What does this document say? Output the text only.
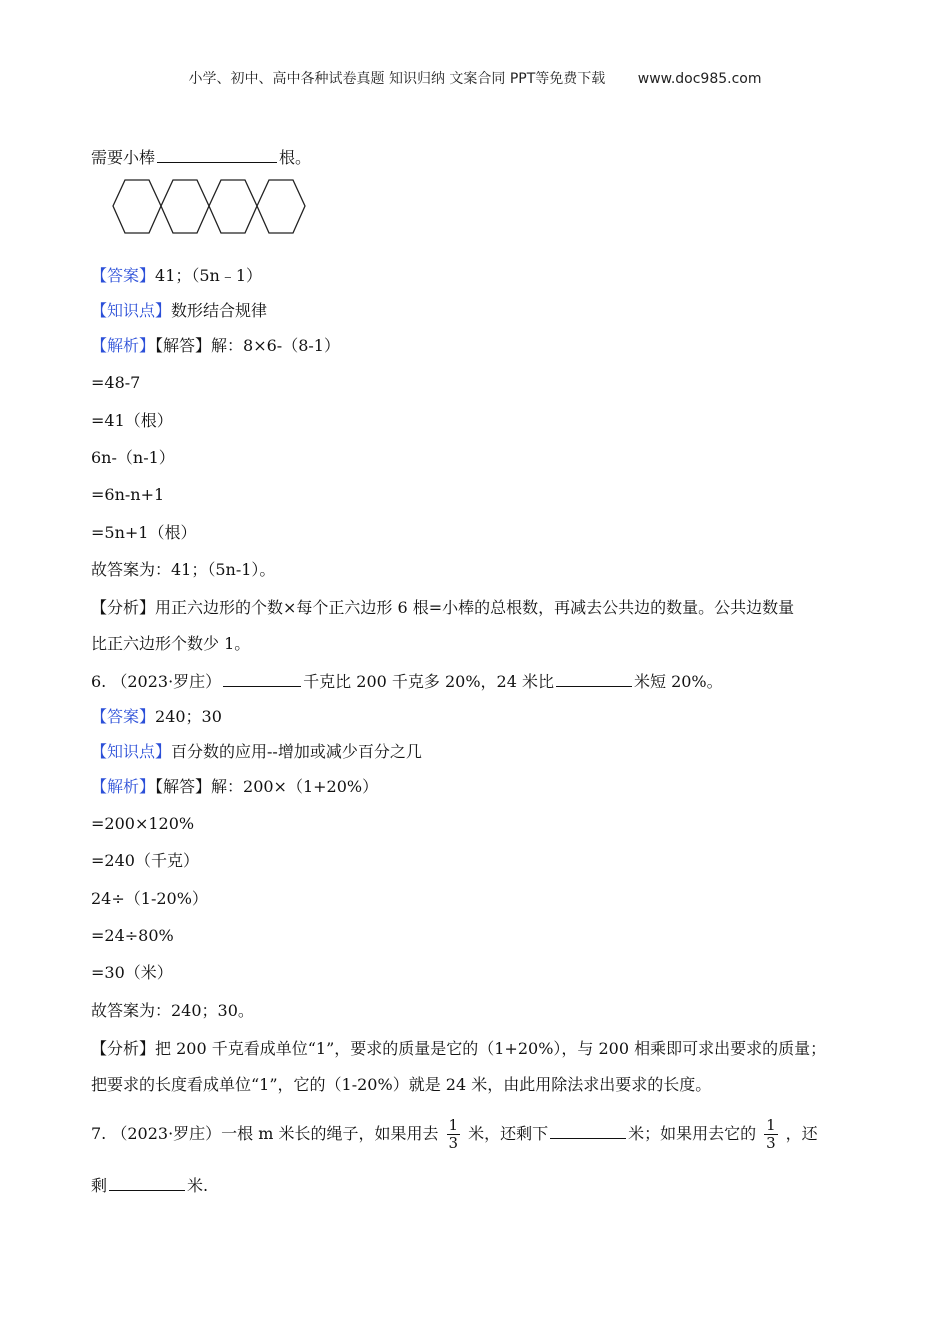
小学、初中、高中各种试卷真题 知识归纳 文案合同 PPT等免费下载 www.doc985.com
需要小棒	根。
【答案】41；（5n﹣1）
【知识点】数形结合规律
【解析】【解答】解：8×6-（8-1）
=48-7
=41（根）
6n-（n-1）
=6n-n+1
=5n+1（根）
故答案为：41；（5n-1）。
【分析】用正六边形的个数×每个正六边形 6 根=小棒的总根数，再减去公共边的数量。公共边数量
比正六边形个数少 1。
6. （2023·罗庄）	千克比 200 千克多 20%，24 米比	米短 20%。
【答案】240；30
【知识点】百分数的应用--增加或减少百分之几
【解析】【解答】解：200×（1+20%）
=200×120%
=240（千克）
24÷（1-20%）
=24÷80%
=30（米）
故答案为：240；30。
【分析】把 200 千克看成单位“1”，要求的质量是它的（1+20%），与 200 相乘即可求出要求的质量；
把要求的长度看成单位“1”，它的（1-20%）就是 24 米，由此用除法求出要求的长度。
7. （2023·罗庄）一根 m 米长的绳子，如果用去 $\frac{1}{3}$ 米，还剩下	米；如果用去它的 $\frac{1}{3}$ ，还
剩	米.
